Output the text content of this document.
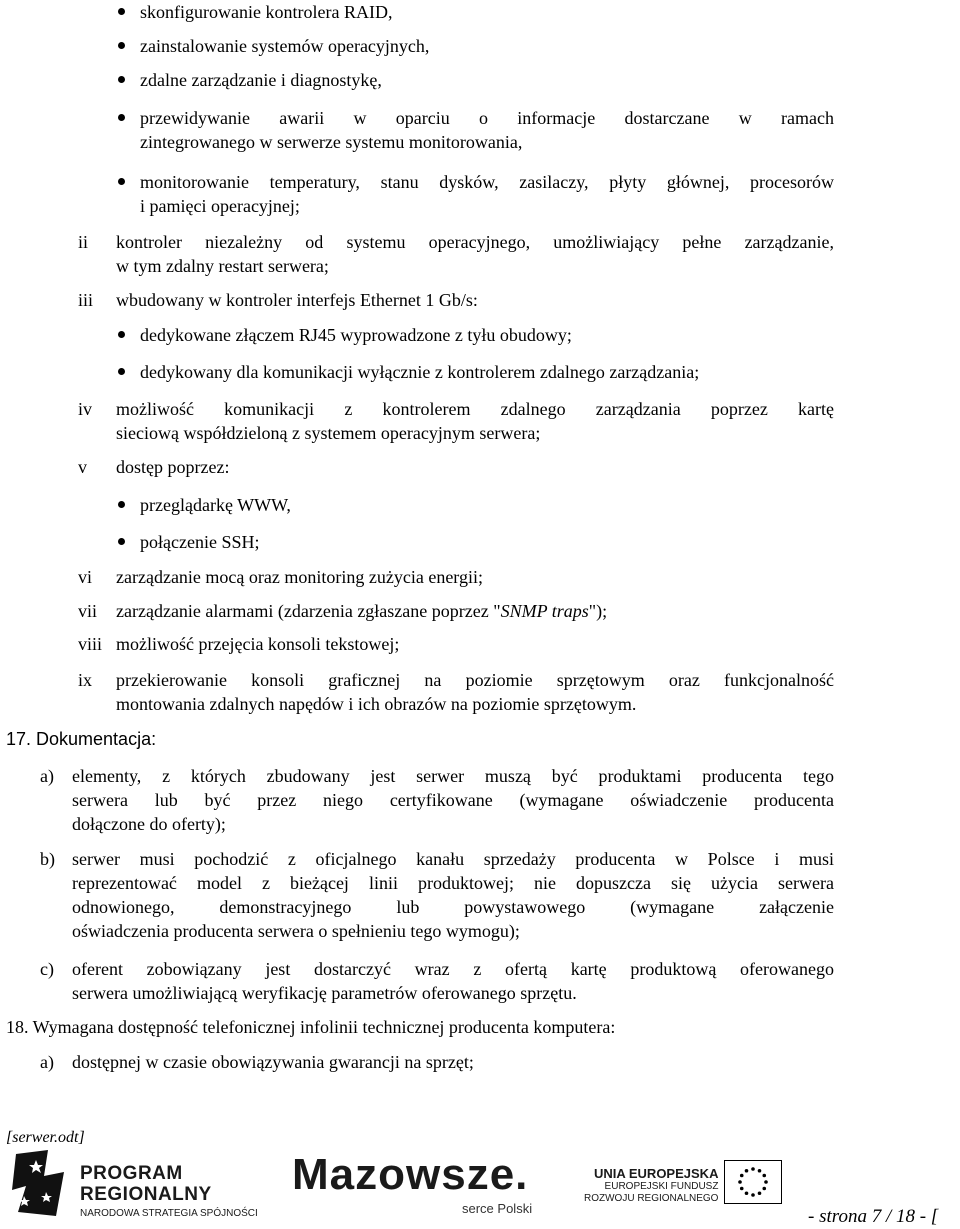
skonfigurowanie kontrolera RAID,
zainstalowanie systemów operacyjnych,
zdalne zarządzanie i diagnostykę,
przewidywanie awarii w oparciu o informacje dostarczane w ramach
zintegrowanego w serwerze systemu monitorowania,
monitorowanie temperatury, stanu dysków, zasilaczy, płyty głównej, procesorów
i pamięci operacyjnej;
ii kontroler niezależny od systemu operacyjnego, umożliwiający pełne zarządzanie,
w tym zdalny restart serwera;
iii wbudowany w kontroler interfejs Ethernet 1 Gb/s:
dedykowane złączem RJ45 wyprowadzone z tyłu obudowy;
dedykowany dla komunikacji wyłącznie z kontrolerem zdalnego zarządzania;
iv możliwość komunikacji z kontrolerem zdalnego zarządzania poprzez kartę
sieciową współdzieloną z systemem operacyjnym serwera;
v dostęp poprzez:
przeglądarkę WWW,
połączenie SSH;
vi zarządzanie mocą oraz monitoring zużycia energii;
vii zarządzanie alarmami (zdarzenia zgłaszane poprzez "SNMP traps");
viii możliwość przejęcia konsoli tekstowej;
ix przekierowanie konsoli graficznej na poziomie sprzętowym oraz funkcjonalność
montowania zdalnych napędów i ich obrazów na poziomie sprzętowym.
17. Dokumentacja:
a) elementy, z których zbudowany jest serwer muszą być produktami producenta tego
serwera lub być przez niego certyfikowane (wymagane oświadczenie producenta
dołączone do oferty);
b) serwer musi pochodzić z oficjalnego kanału sprzedaży producenta w Polsce i musi
reprezentować model z bieżącej linii produktowej; nie dopuszcza się użycia serwera
odnowionego, demonstracyjnego lub powystawowego (wymagane załączenie
oświadczenia producenta serwera o spełnieniu tego wymogu);
c) oferent zobowiązany jest dostarczyć wraz z ofertą kartę produktową oferowanego
serwera umożliwiającą weryfikację parametrów oferowanego sprzętu.
18. Wymagana dostępność telefonicznej infolinii technicznej producenta komputera:
a) dostępnej w czasie obowiązywania gwarancji na sprzęt;
[serwer.odt]
PROGRAM
REGIONALNY
NARODOWA STRATEGIA SPÓJNOŚCI
Mazowsze.
serce Polski
UNIA EUROPEJSKA
EUROPEJSKI FUNDUSZ
ROZWOJU REGIONALNEGO
- strona 7 / 18 - [
